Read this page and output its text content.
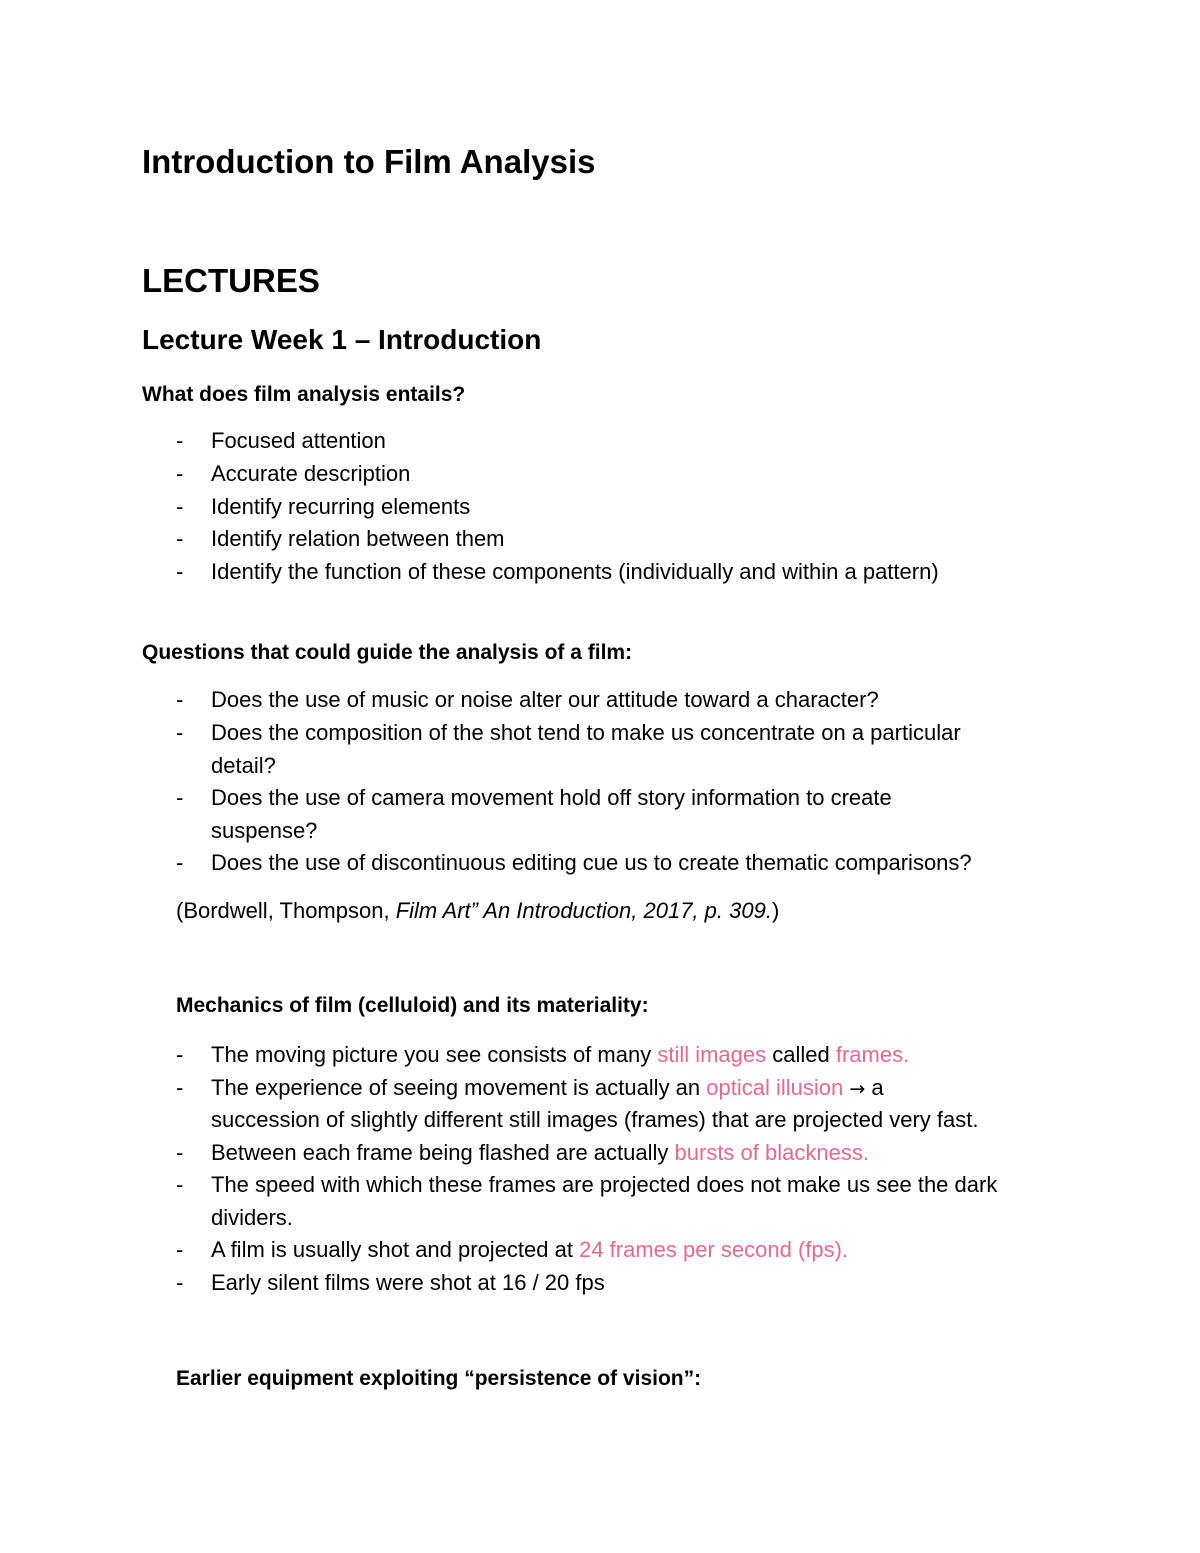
Introduction to Film Analysis
LECTURES
Lecture Week 1 – Introduction
What does film analysis entails?
- Focused attention
- Accurate description
- Identify recurring elements
- Identify relation between them
- Identify the function of these components (individually and within a pattern)
Questions that could guide the analysis of a film:
- Does the use of music or noise alter our attitude toward a character?
- Does the composition of the shot tend to make us concentrate on a particular
detail?
- Does the use of camera movement hold off story information to create
suspense?
- Does the use of discontinuous editing cue us to create thematic comparisons?
(Bordwell, Thompson, Film Art” An Introduction, 2017, p. 309.)
Mechanics of film (celluloid) and its materiality:
- The moving picture you see consists of many still images called frames.
- The experience of seeing movement is actually an optical illusion → a
succession of slightly different still images (frames) that are projected very fast.
- Between each frame being flashed are actually bursts of blackness.
- The speed with which these frames are projected does not make us see the dark
dividers.
- A film is usually shot and projected at 24 frames per second (fps).
- Early silent films were shot at 16 / 20 fps
Earlier equipment exploiting “persistence of vision”:
